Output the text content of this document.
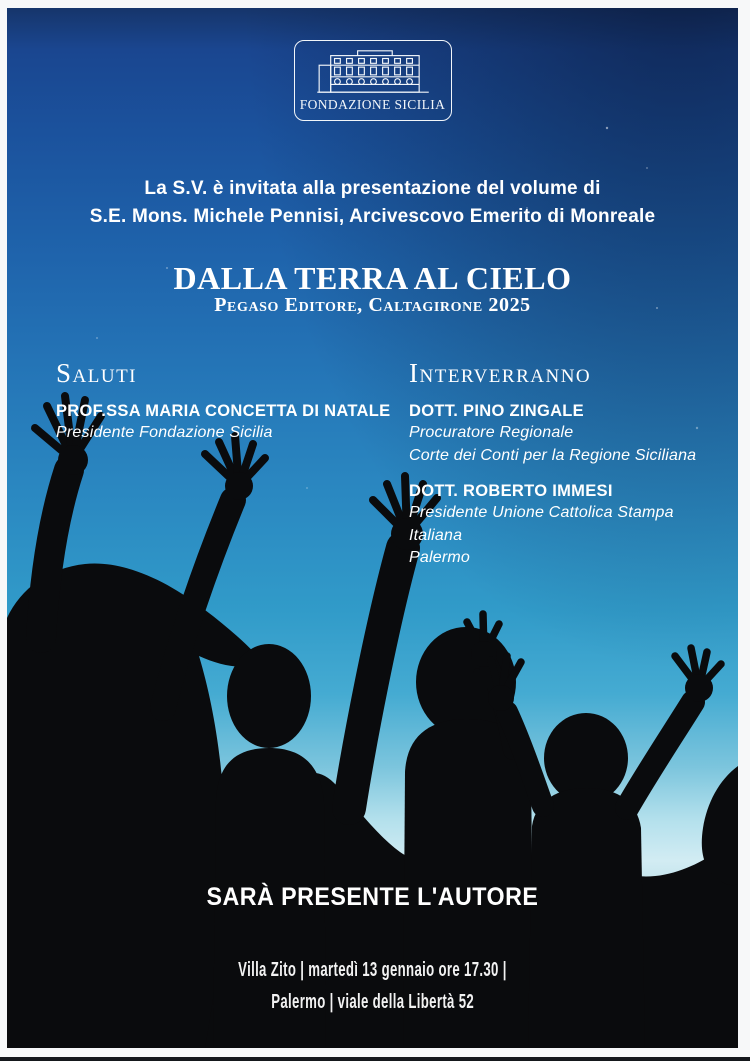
FONDAZIONE SICILIA
La S.V. è invitata alla presentazione del volume di
S.E. Mons. Michele Pennisi, Arcivescovo Emerito di Monreale
DALLA TERRA AL CIELO
Pegaso Editore, Caltagirone 2025
Saluti
PROF.SSA MARIA CONCETTA DI NATALE
Presidente Fondazione Sicilia
Interverranno
DOTT. PINO ZINGALE
Procuratore Regionale
Corte dei Conti per la Regione Siciliana
DOTT. ROBERTO IMMESI
Presidente Unione Cattolica Stampa Italiana
Palermo
SARÀ PRESENTE L'AUTORE
Villa Zito | martedì 13 gennaio ore 17.30 |
Palermo | viale della Libertà 52
